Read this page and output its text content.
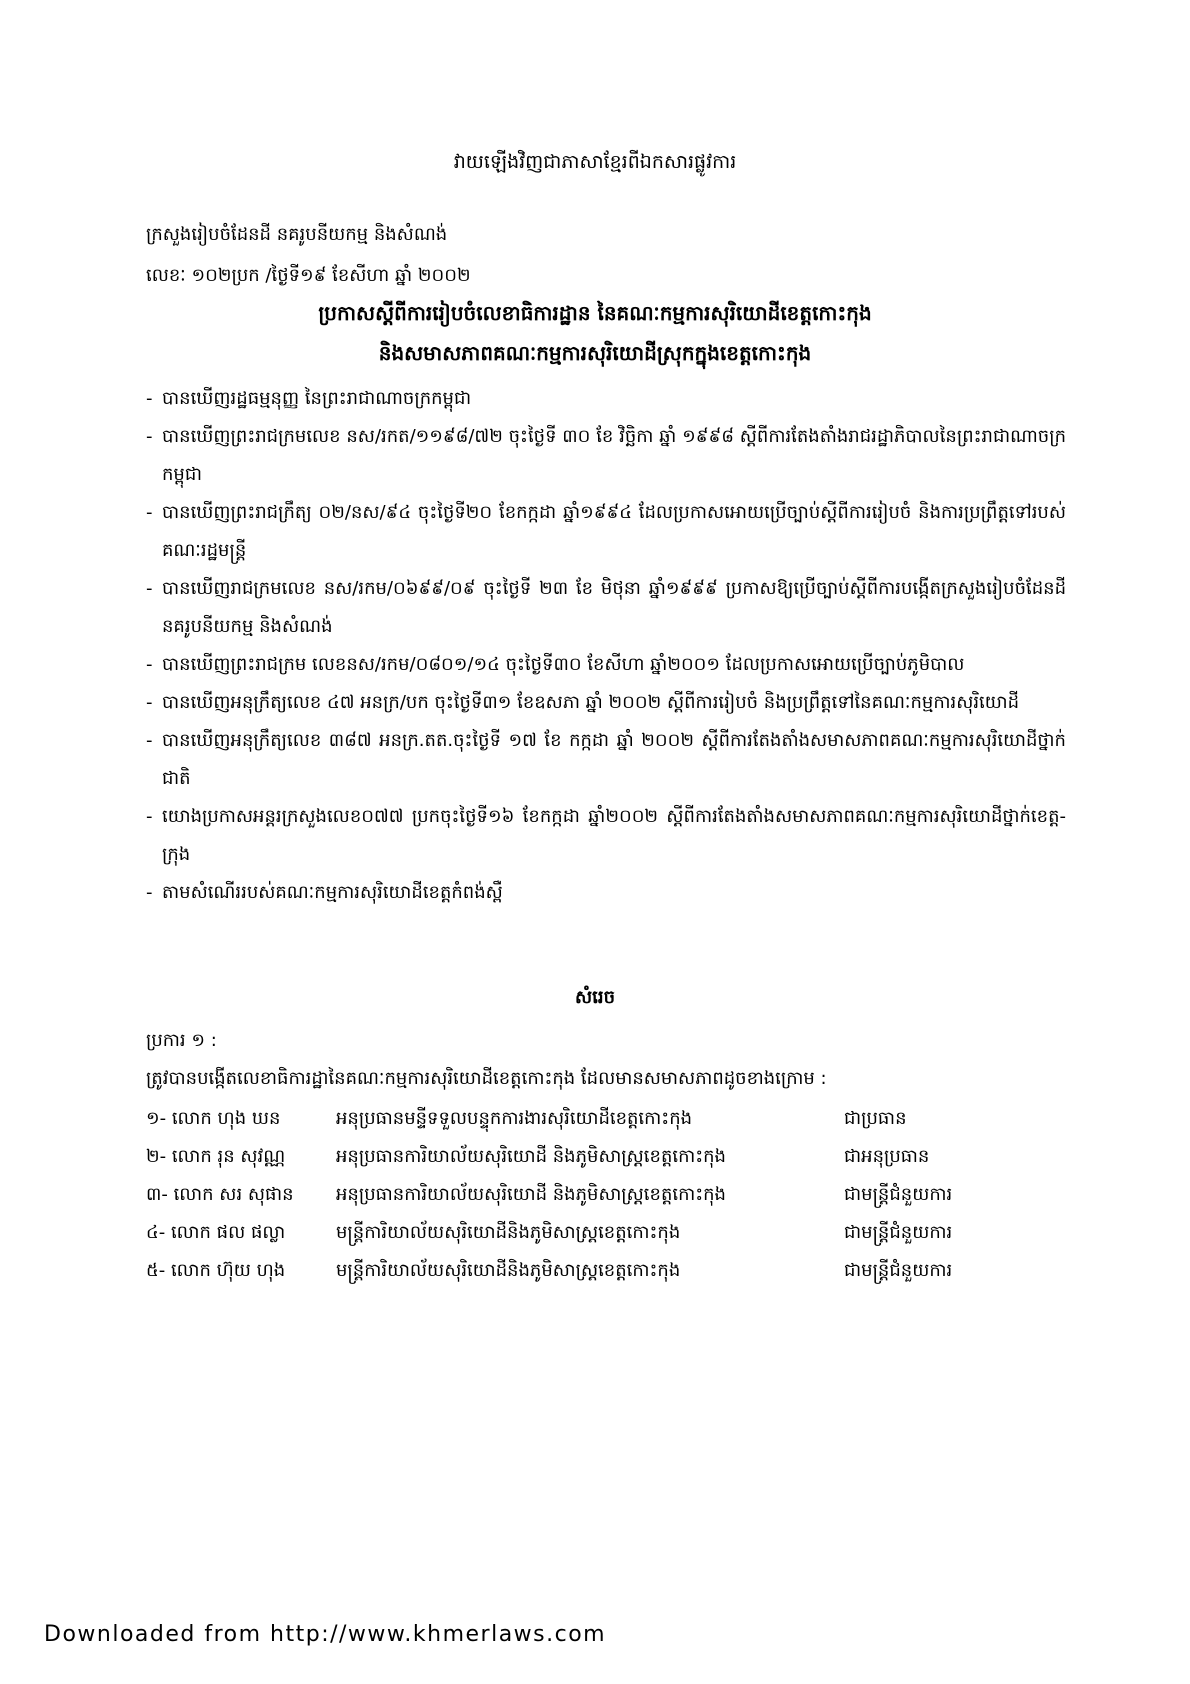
វាយឡើងវិញជាភាសាខ្មែរពីឯកសារផ្លូវការ
ក្រសួងរៀបចំដែនដី នគរូបនីយកម្ម និងសំណង់
លេខៈ ១០២ប្រក /ថ្ងៃទី១៩ ខែសីហា ឆ្នាំ ២០០២
ប្រកាសស្តីពីការរៀបចំលេខាធិការដ្ឋាន នៃគណៈកម្មការសុរិយោដីខេត្តកោះកុង
និងសមាសភាពគណៈកម្មការសុរិយោដីស្រុកក្នុងខេត្តកោះកុង
- បានឃើញរដ្ឋធម្មនុញ្ញ នៃព្រះរាជាណាចក្រកម្ពុជា
- បានឃើញព្រះរាជក្រមលេខ នស/រកត/១១៩៨/៧២ ចុះថ្ងៃទី ៣០ ខែ វិច្ឆិកា ឆ្នាំ ១៩៩៨ ស្តីពីការតែងតាំងរាជរដ្ឋាភិបាលនៃព្រះរាជាណាចក្រកម្ពុជា
- បានឃើញព្រះរាជក្រឹត្យ ០២/នស/៩៤ ចុះថ្ងៃទី២០ ខែកក្កដា ឆ្នាំ១៩៩៤ ដែលប្រកាសអោយប្រើច្បាប់ស្តីពីការរៀបចំ និងការប្រព្រឹត្តទៅរបស់គណៈរដ្ឋមន្ត្រី
- បានឃើញរាជក្រមលេខ នស/រកម/០៦៩៩/០៩ ចុះថ្ងៃទី ២៣ ខែ មិថុនា ឆ្នាំ១៩៩៩ ប្រកាសឱ្យប្រើច្បាប់ស្តីពីការបង្កើតក្រសួងរៀបចំដែនដី នគរូបនីយកម្ម និងសំណង់
- បានឃើញព្រះរាជក្រម លេខនស/រកម/០៨០១/១៤ ចុះថ្ងៃទី៣០ ខែសីហា ឆ្នាំ២០០១ ដែលប្រកាសអោយប្រើច្បាប់ភូមិបាល
- បានឃើញអនុក្រឹត្យលេខ ៤៧ អនក្រ/បក ចុះថ្ងៃទី៣១ ខែឧសភា ឆ្នាំ ២០០២ ស្តីពីការរៀបចំ និងប្រព្រឹត្តទៅនៃគណៈកម្មការសុរិយោដី
- បានឃើញអនុក្រឹត្យលេខ ៣៨៧ អនក្រ.តត.ចុះថ្ងៃទី ១៧ ខែ កក្កដា ឆ្នាំ ២០០២ ស្តីពីការតែងតាំងសមាសភាពគណៈកម្មការសុរិយោដីថ្នាក់ជាតិ
- យោងប្រកាសអន្តរក្រសួងលេខ០៧៧ ប្រកចុះថ្ងៃទី១៦ ខែកក្កដា ឆ្នាំ២០០២ ស្តីពីការតែងតាំងសមាសភាពគណៈកម្មការសុរិយោដីថ្នាក់ខេត្ត-ក្រុង
- តាមសំណើររបស់គណៈកម្មការសុរិយោដីខេត្តកំពង់ស្ពឺ
សំរេច
ប្រការ ១ :
ត្រូវបានបង្កើតលេខាធិការដ្ឋានៃគណៈកម្មការសុរិយោដីខេត្តកោះកុង ដែលមានសមាសភាពដូចខាងក្រោម :
១- លោក ហុង ឃន	អនុប្រធានមន្ទីទទួលបន្ទុកការងារសុរិយោដីខេត្តកោះកុង	ជាប្រធាន
២- លោក រុន សុវណ្ណ	អនុប្រធានការិយាល័យសុរិយោដី និងភូមិសាស្ត្រខេត្តកោះកុង	ជាអនុប្រធាន
៣- លោក សរ សុផាន	អនុប្រធានការិយាល័យសុរិយោដី និងភូមិសាស្ត្រខេត្តកោះកុង	ជាមន្ត្រីជំនួយការ
៤- លោក ផល ផល្លា	មន្ត្រីការិយាល័យសុរិយោដីនិងភូមិសាស្ត្រខេត្តកោះកុង	ជាមន្ត្រីជំនួយការ
៥- លោក ហ៊ុយ ហុង	មន្ត្រីការិយាល័យសុរិយោដីនិងភូមិសាស្ត្រខេត្តកោះកុង	ជាមន្ត្រីជំនួយការ
Downloaded from http://www.khmerlaws.com
